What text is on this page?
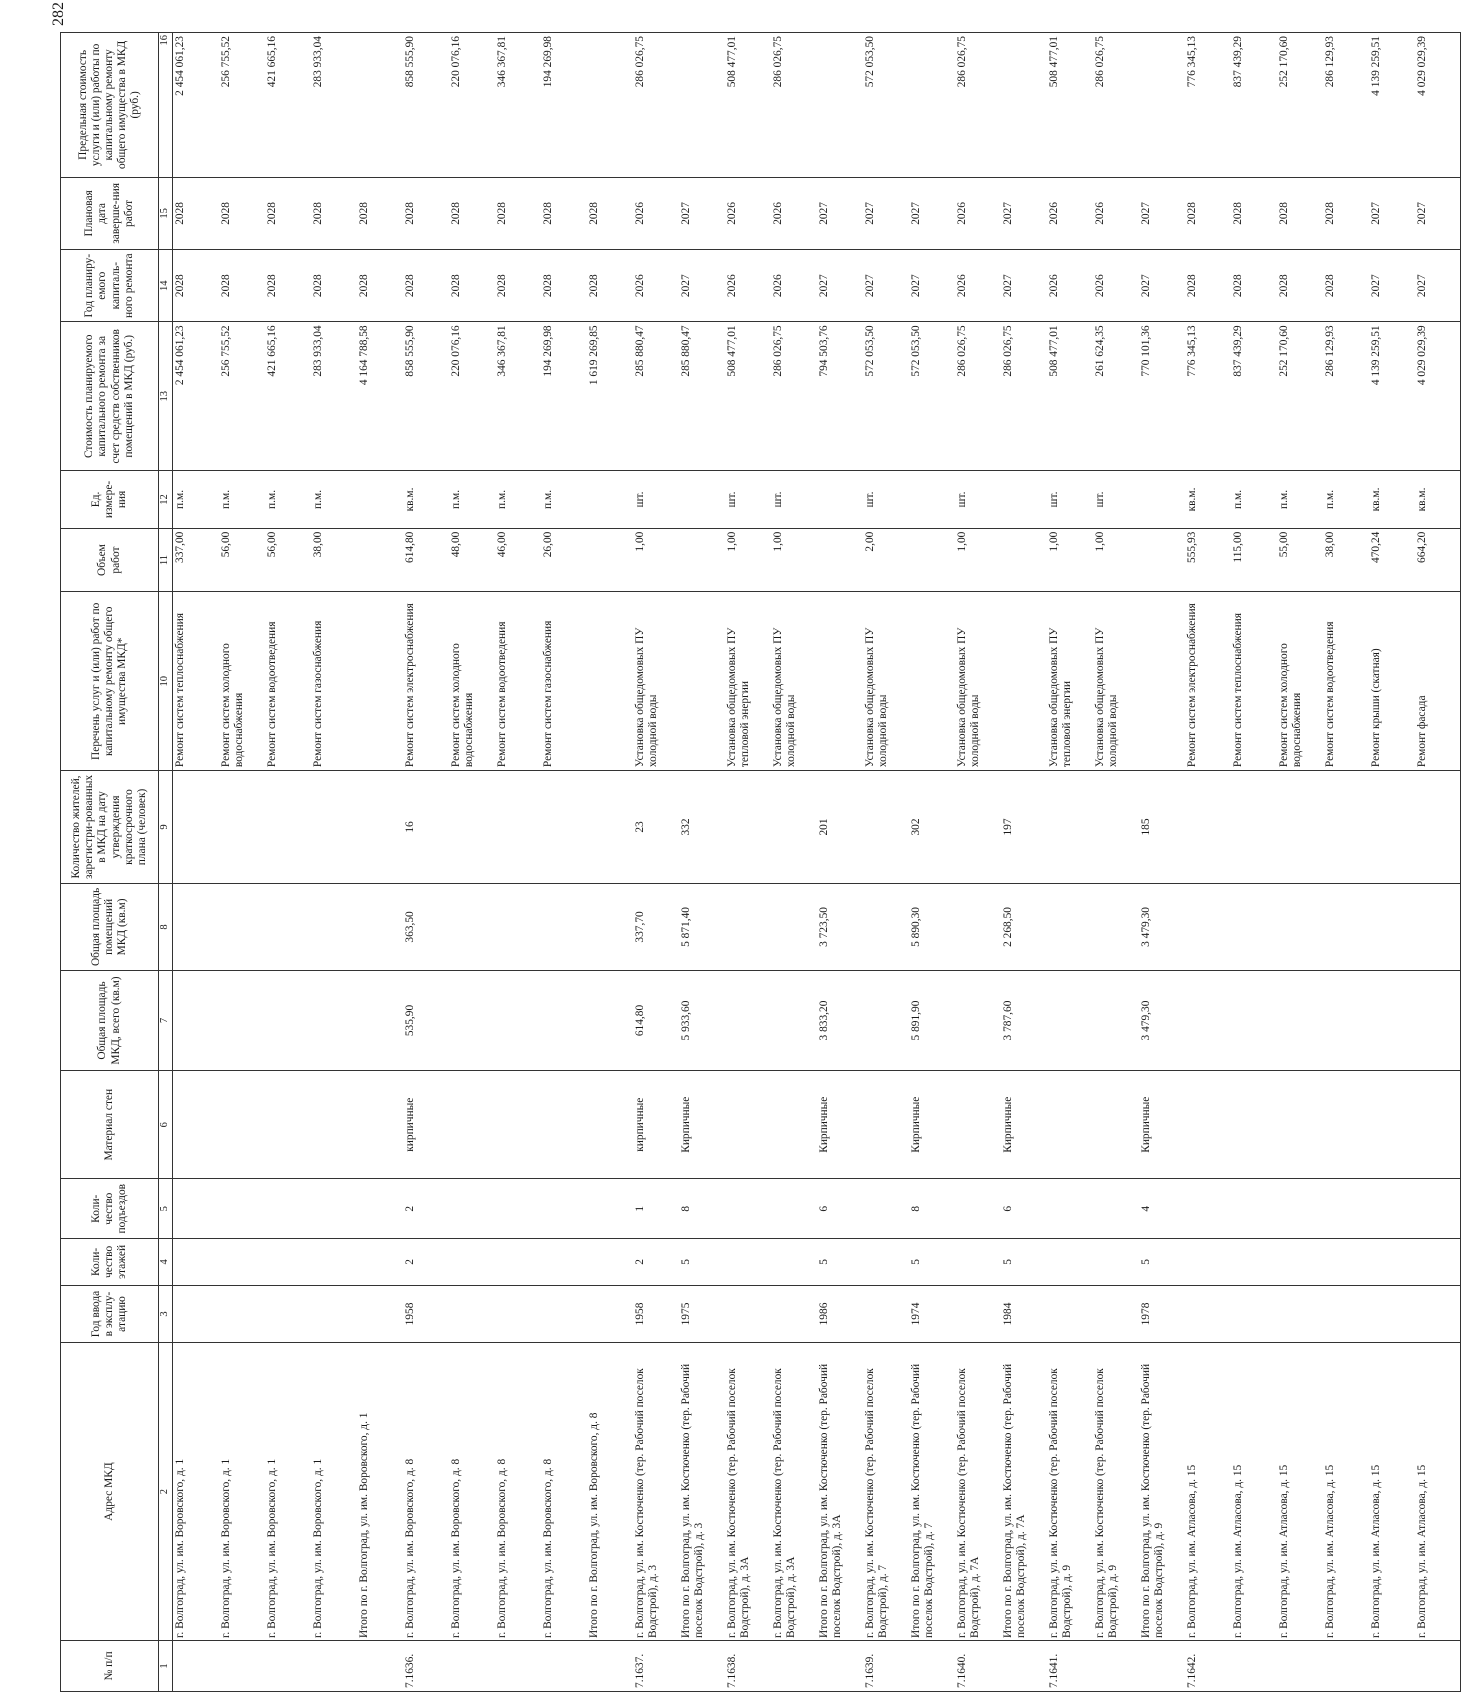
282
№ п/п	Адрес МКД	Год ввода в эксплу-атацию	Коли-чество этажей	Коли-чество подъездов	Материал стен	Общая площадь МКД, всего (кв.м)	Общая площадь помещений МКД (кв.м)	Количество жителей, зарегистри-рованных в МКД на дату утверждения краткосрочного плана (человек)	Перечень услуг и (или) работ по капитальному ремонту общего имущества МКД*	Объем работ	Ед. измере-ния	Стоимость планируемого капитального ремонта за счет средств собственников помещений в МКД (руб.)	Год планиру-емого капиталь-ного ремонта	Плановая дата заверше-ния работ	Предельная стоимость услуги и (или) работы по капитальному ремонту общего имущества в МКД (руб.)
1	2	3	4	5	6	7	8	9	10	11	12	13	14	15	16
	г. Волгоград, ул. им. Воровского, д. 1								Ремонт систем теплоснабжения	337,00	п.м.	2 454 061,23	2028	2028	2 454 061,23
	г. Волгоград, ул. им. Воровского, д. 1								Ремонт систем холодного водоснабжения	56,00	п.м.	256 755,52	2028	2028	256 755,52
	г. Волгоград, ул. им. Воровского, д. 1								Ремонт систем водоотведения	56,00	п.м.	421 665,16	2028	2028	421 665,16
	г. Волгоград, ул. им. Воровского, д. 1								Ремонт систем газоснабжения	38,00	п.м.	283 933,04	2028	2028	283 933,04
	Итого по г. Волгоград, ул. им. Воровского, д. 1											4 164 788,58	2028	2028	
7.1636.	г. Волгоград, ул. им. Воровского, д. 8	1958	2	2	кирпичные	535,90	363,50	16	Ремонт систем электроснабжения	614,80	кв.м.	858 555,90	2028	2028	858 555,90
	г. Волгоград, ул. им. Воровского, д. 8								Ремонт систем холодного водоснабжения	48,00	п.м.	220 076,16	2028	2028	220 076,16
	г. Волгоград, ул. им. Воровского, д. 8								Ремонт систем водоотведения	46,00	п.м.	346 367,81	2028	2028	346 367,81
	г. Волгоград, ул. им. Воровского, д. 8								Ремонт систем газоснабжения	26,00	п.м.	194 269,98	2028	2028	194 269,98
	Итого по г. Волгоград, ул. им. Воровского, д. 8											1 619 269,85	2028	2028	
7.1637.	г. Волгоград, ул. им. Костюченко (тер. Рабочий поселок Водстрой), д. 3	1958	2	1	кирпичные	614,80	337,70	23	Установка общедомовых ПУ холодной воды	1,00	шт.	285 880,47	2026	2026	286 026,75
	Итого по г. Волгоград, ул. им. Костюченко (тер. Рабочий поселок Водстрой), д. 3	1975	5	8	Кирпичные	5 933,60	5 871,40	332				285 880,47	2027	2027	
7.1638.	г. Волгоград, ул. им. Костюченко (тер. Рабочий поселок Водстрой), д. 3А								Установка общедомовых ПУ тепловой энергии	1,00	шт.	508 477,01	2026	2026	508 477,01
	г. Волгоград, ул. им. Костюченко (тер. Рабочий поселок Водстрой), д. 3А								Установка общедомовых ПУ холодной воды	1,00	шт.	286 026,75	2026	2026	286 026,75
	Итого по г. Волгоград, ул. им. Костюченко (тер. Рабочий поселок Водстрой), д. 3А	1986	5	6	Кирпичные	3 833,20	3 723,50	201				794 503,76	2027	2027	
7.1639.	г. Волгоград, ул. им. Костюченко (тер. Рабочий поселок Водстрой), д. 7								Установка общедомовых ПУ холодной воды	2,00	шт.	572 053,50	2027	2027	572 053,50
	Итого по г. Волгоград, ул. им. Костюченко (тер. Рабочий поселок Водстрой), д. 7	1974	5	8	Кирпичные	5 891,90	5 890,30	302				572 053,50	2027	2027	
7.1640.	г. Волгоград, ул. им. Костюченко (тер. Рабочий поселок Водстрой), д. 7А								Установка общедомовых ПУ холодной воды	1,00	шт.	286 026,75	2026	2026	286 026,75
	Итого по г. Волгоград, ул. им. Костюченко (тер. Рабочий поселок Водстрой), д. 7А	1984	5	6	Кирпичные	3 787,60	2 268,50	197				286 026,75	2027	2027	
7.1641.	г. Волгоград, ул. им. Костюченко (тер. Рабочий поселок Водстрой), д. 9								Установка общедомовых ПУ тепловой энергии	1,00	шт.	508 477,01	2026	2026	508 477,01
	г. Волгоград, ул. им. Костюченко (тер. Рабочий поселок Водстрой), д. 9								Установка общедомовых ПУ холодной воды	1,00	шт.	261 624,35	2026	2026	286 026,75
	Итого по г. Волгоград, ул. им. Костюченко (тер. Рабочий поселок Водстрой), д. 9	1978	5	4	Кирпичные	3 479,30	3 479,30	185				770 101,36	2027	2027	
7.1642.	г. Волгоград, ул. им. Атласова, д. 15								Ремонт систем электроснабжения	555,93	кв.м.	776 345,13	2028	2028	776 345,13
	г. Волгоград, ул. им. Атласова, д. 15								Ремонт систем теплоснабжения	115,00	п.м.	837 439,29	2028	2028	837 439,29
	г. Волгоград, ул. им. Атласова, д. 15								Ремонт систем холодного водоснабжения	55,00	п.м.	252 170,60	2028	2028	252 170,60
	г. Волгоград, ул. им. Атласова, д. 15								Ремонт систем водоотведения	38,00	п.м.	286 129,93	2028	2028	286 129,93
	г. Волгоград, ул. им. Атласова, д. 15								Ремонт крыши (скатная)	470,24	кв.м.	4 139 259,51	2027	2027	4 139 259,51
	г. Волгоград, ул. им. Атласова, д. 15								Ремонт фасада	664,20	кв.м.	4 029 029,39	2027	2027	4 029 029,39
